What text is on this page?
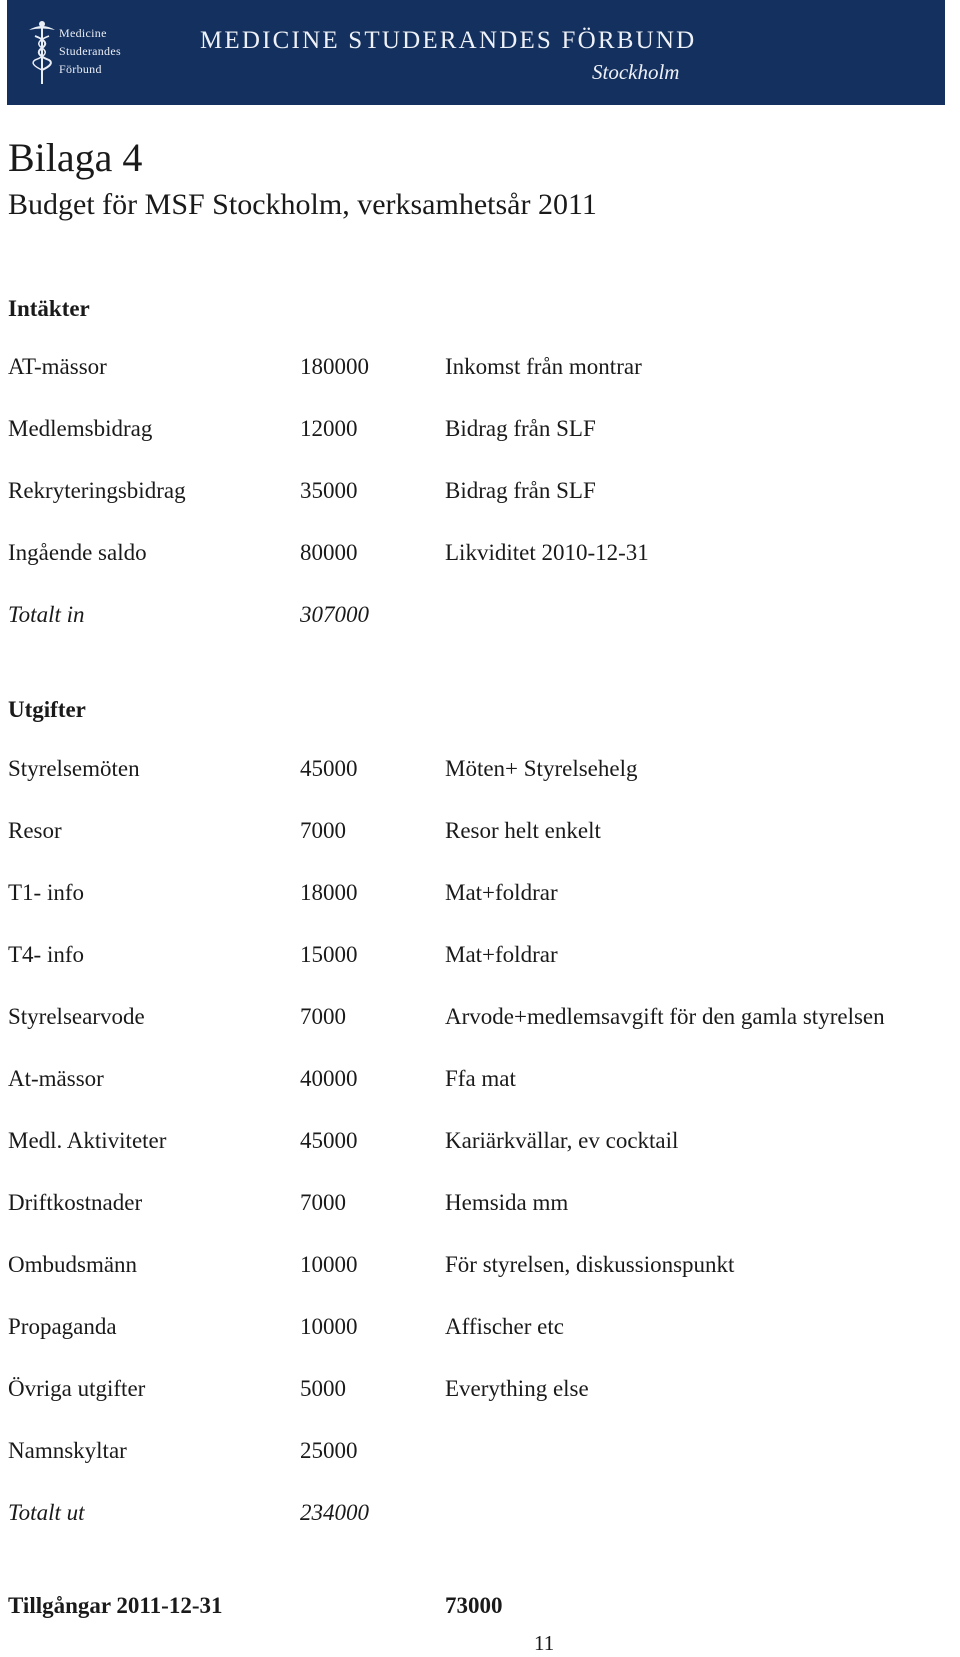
Medicine
Studerandes
Förbund
MEDICINE STUDERANDES FÖRBUND
Stockholm
Bilaga 4
Budget för MSF Stockholm, verksamhetsår 2011
Intäkter
AT-mässor	180000	Inkomst från montrar
Medlemsbidrag	12000	Bidrag från SLF
Rekryteringsbidrag	35000	Bidrag från SLF
Ingående saldo	80000	Likviditet 2010-12-31
Totalt in	307000
Utgifter
Styrelsemöten	45000	Möten+ Styrelsehelg
Resor	7000	Resor helt enkelt
T1- info	18000	Mat+foldrar
T4- info	15000	Mat+foldrar
Styrelsearvode	7000	Arvode+medlemsavgift för den gamla styrelsen
At-mässor	40000	Ffa mat
Medl. Aktiviteter	45000	Kariärkvällar, ev cocktail
Driftkostnader	7000	Hemsida mm
Ombudsmänn	10000	För styrelsen, diskussionspunkt
Propaganda	10000	Affischer etc
Övriga utgifter	5000	Everything else
Namnskyltar	25000
Totalt ut	234000
Tillgångar 2011-12-31	73000
11
